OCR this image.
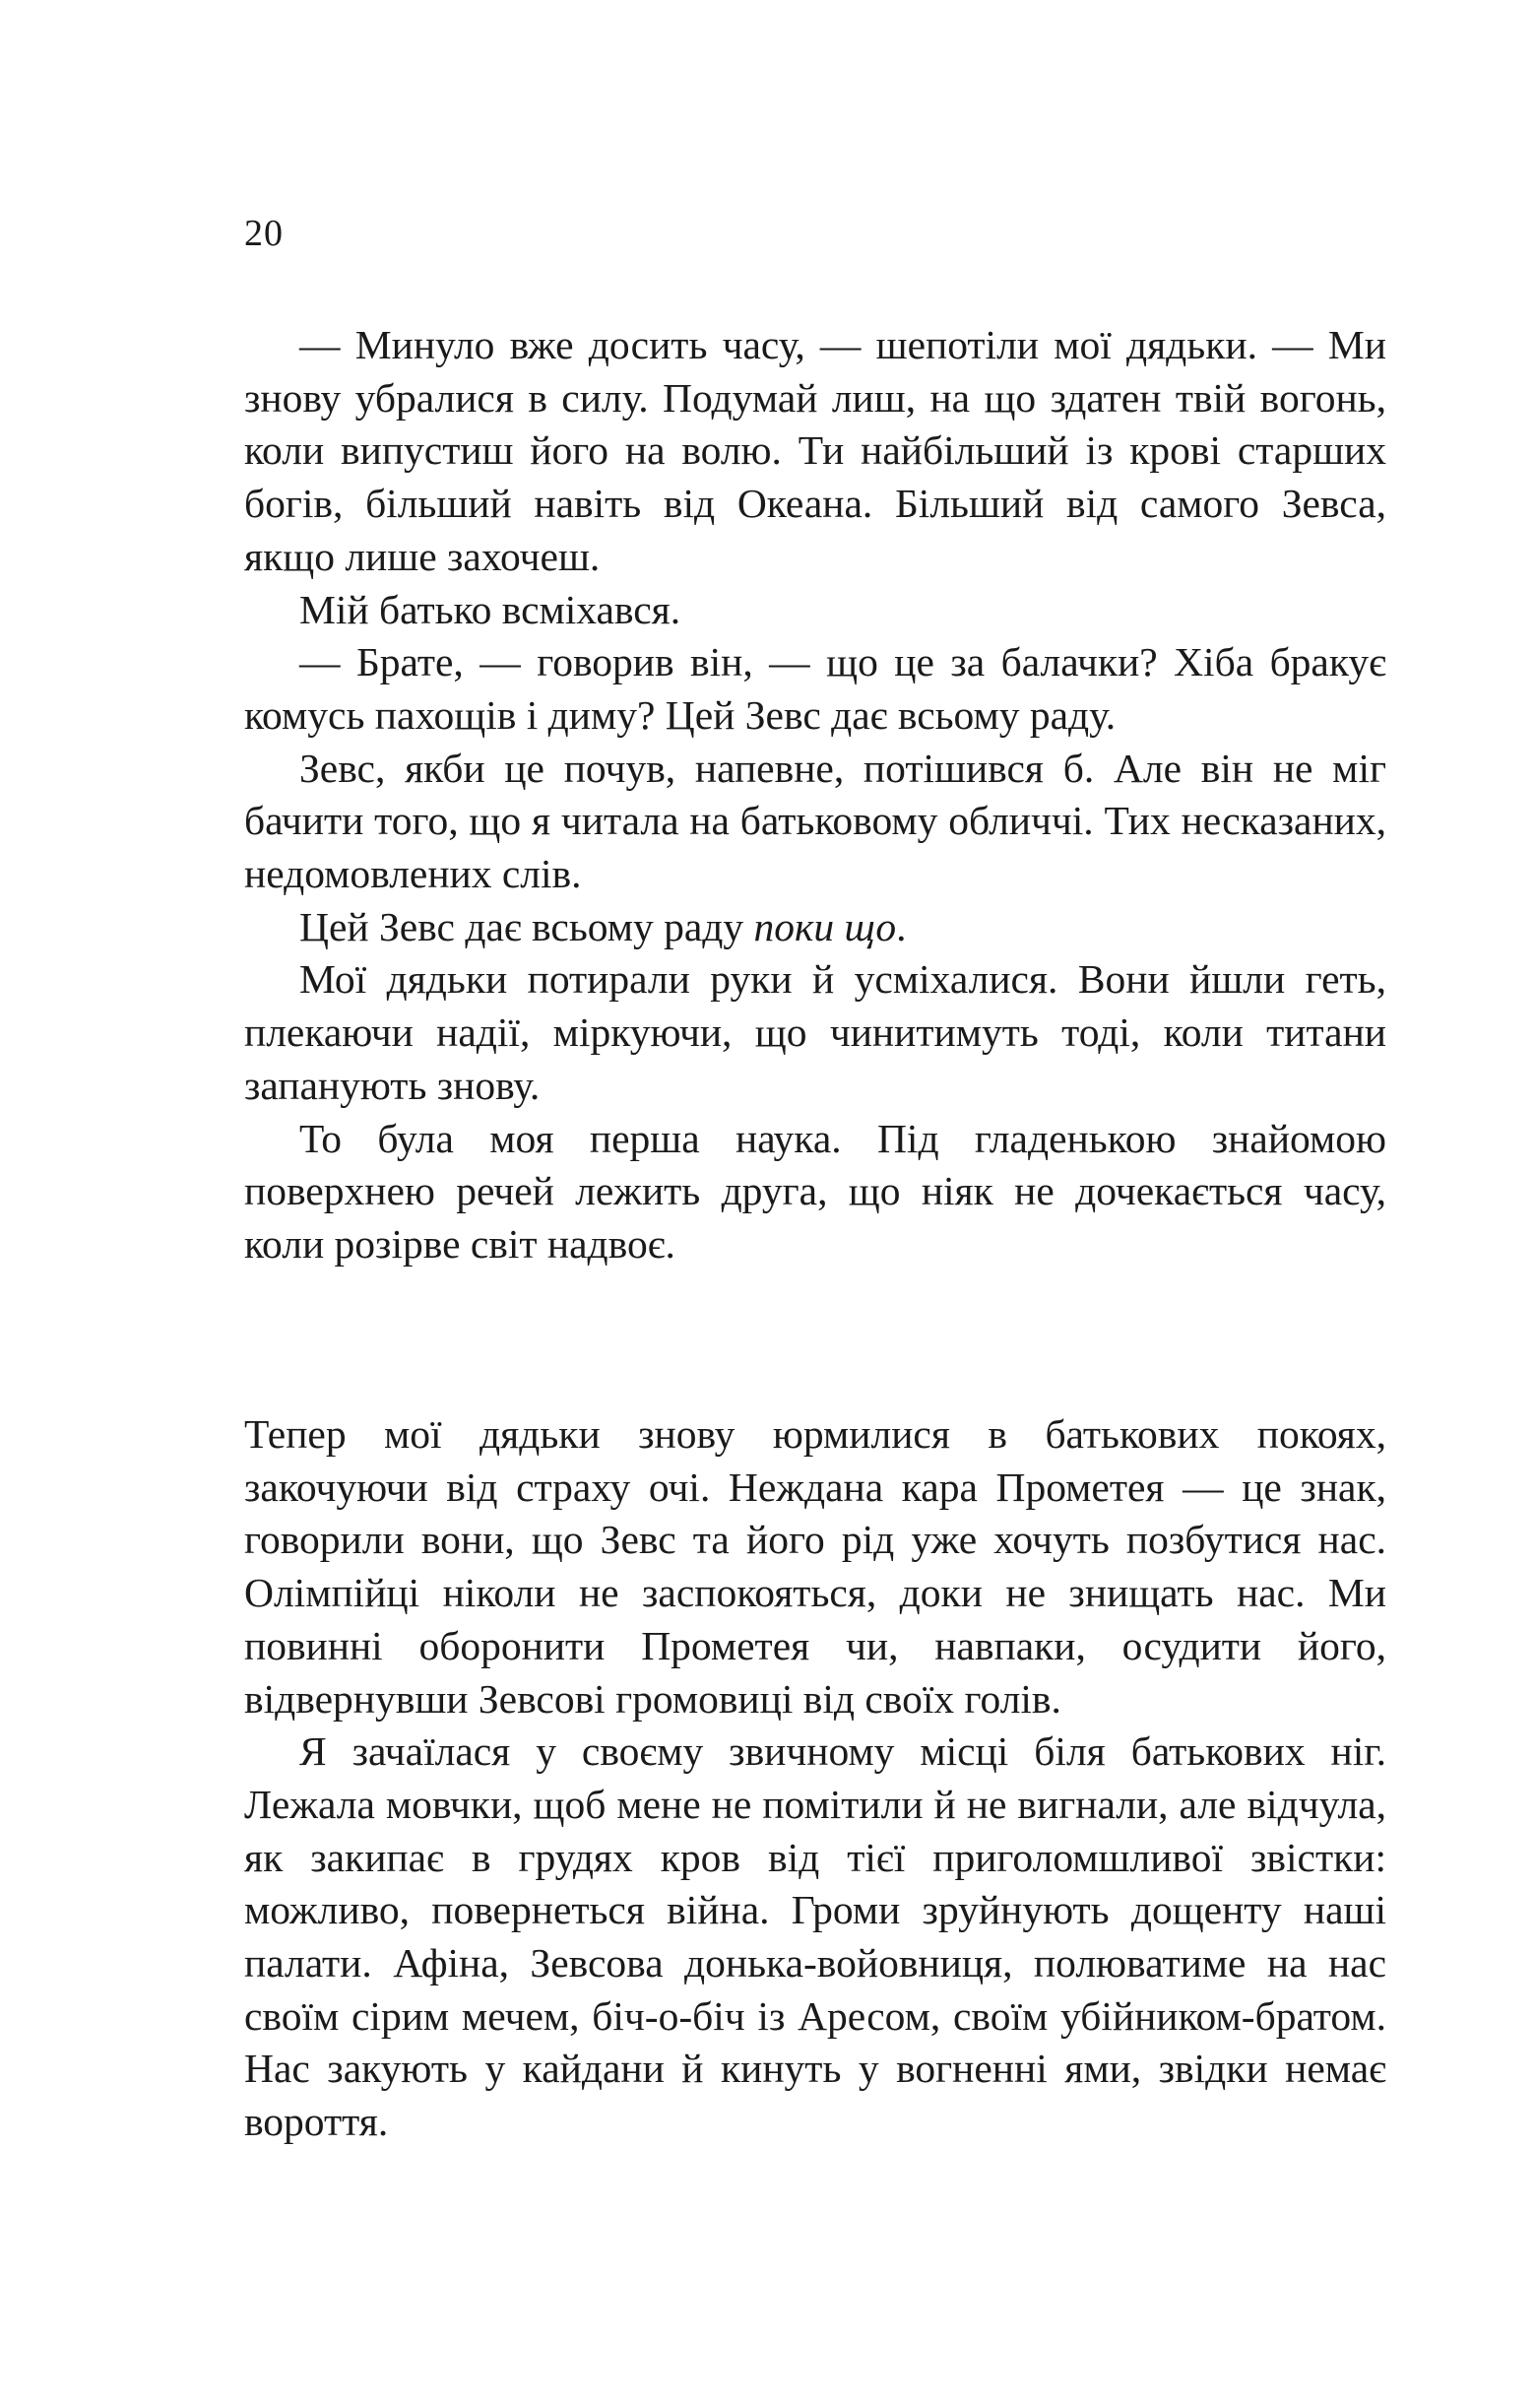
20

— Минуло вже досить часу, — шепотіли мої дядьки. — Ми знову убралися в силу. Подумай лиш, на що здатен твій вогонь, коли випустиш його на волю. Ти найбільший із крові старших богів, більший навіть від Океана. Більший від самого Зевса, якщо лише захочеш.

Мій батько всміхався.

— Брате, — говорив він, — що це за балачки? Хіба бракує комусь пахощів і диму? Цей Зевс дає всьому раду.

Зевс, якби це почув, напевне, потішився б. Але він не міг бачити того, що я читала на батьковому обличчі. Тих несказаних, недомовлених слів.

Цей Зевс дає всьому раду поки що.

Мої дядьки потирали руки й усміхалися. Вони йшли геть, плекаючи надії, міркуючи, що чинитимуть тоді, коли титани запанують знову.

То була моя перша наука. Під гладенькою знайомою поверхнею речей лежить друга, що ніяк не дочекається часу, коли розірве світ надвоє.

Тепер мої дядьки знову юрмилися в батькових покоях, закочуючи від страху очі. Неждана кара Прометея — це знак, говорили вони, що Зевс та його рід уже хочуть позбутися нас. Олімпійці ніколи не заспокояться, доки не знищать нас. Ми повинні оборонити Прометея чи, навпаки, осудити його, відвернувши Зевсові громовиці від своїх голів.

Я зачаїлася у своєму звичному місці біля батькових ніг. Лежала мовчки, щоб мене не помітили й не вигнали, але відчула, як закипає в грудях кров від тієї приголомшливої звістки: можливо, повернеться війна. Громи зруйнують дощенту наші палати. Афіна, Зевсова донька-войовниця, полюватиме на нас своїм сірим мечем, біч-о-біч із Аресом, своїм убійником-братом. Нас закують у кайдани й кинуть у вогненні ями, звідки немає вороття.
